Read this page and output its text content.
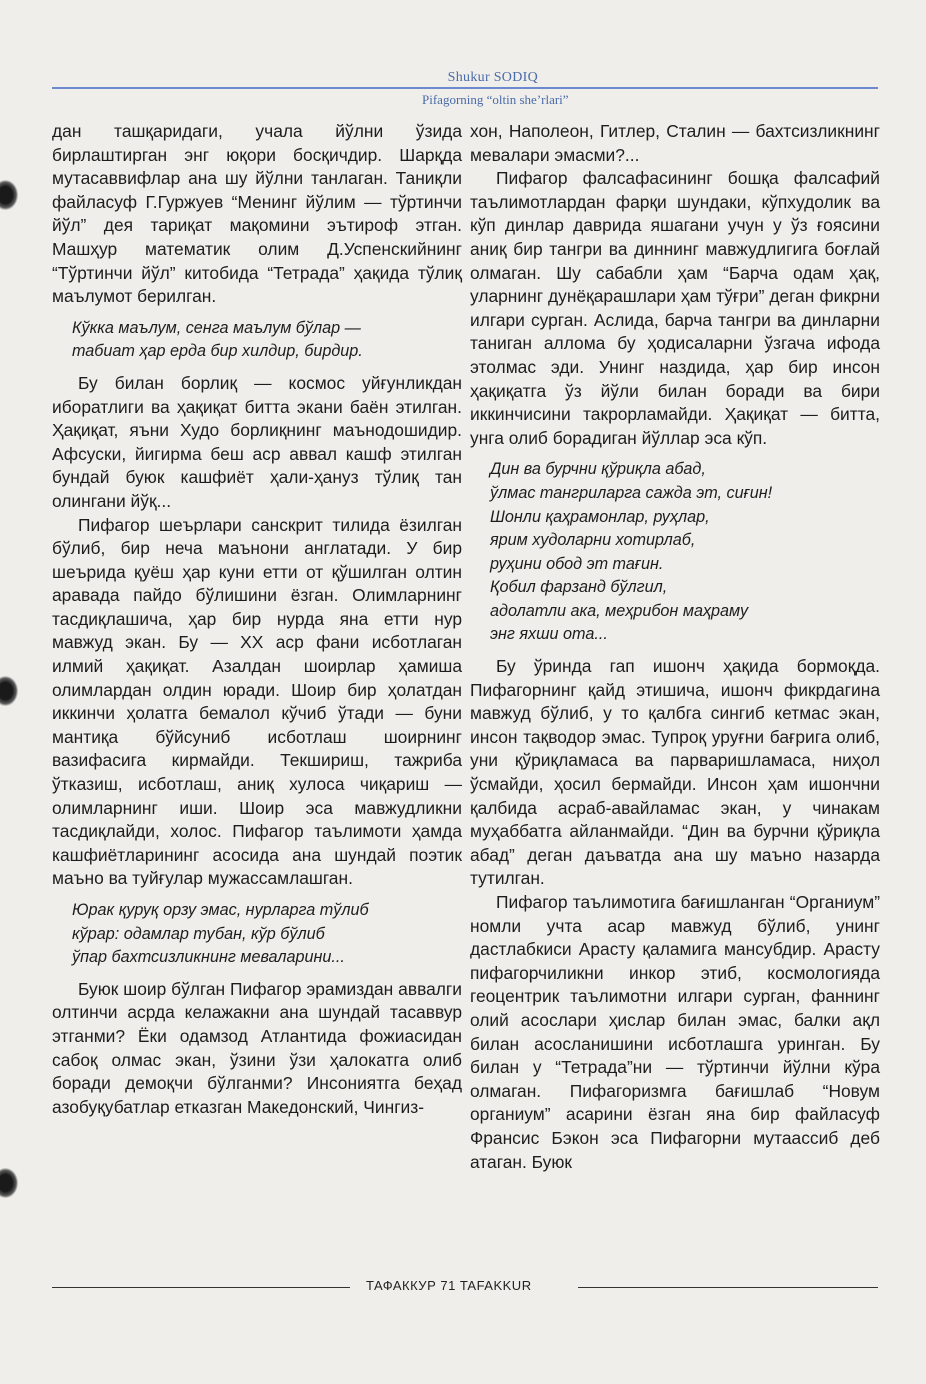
Shukur SODIQ
Pifagorning “oltin she’rlari”

дан ташқаридаги, учала йўлни ўзида бирлаштирган энг юқори босқичдир. Шарқда мутасаввифлар ана шу йўлни танлаган. Таниқли файласуф Г.Гуржуев “Менинг йўлим — тўртинчи йўл” дея тариқат мақомини эътироф этган. Машҳур математик олим Д.Успенскийнинг “Тўртинчи йўл” китобида “Тетрада” ҳақида тўлиқ маълумот берилган.

Кўкка маълум, сенга маълум бўлар —
табиат ҳар ерда бир хилдир, бирдир.

Бу билан борлиқ — космос уйғунликдан иборатлиги ва ҳақиқат битта экани баён этилган. Ҳақиқат, яъни Худо борлиқнинг маънодошидир. Афсуски, йигирма беш аср аввал кашф этилган бундай буюк кашфиёт ҳали-ҳануз тўлиқ тан олингани йўқ...

Пифагор шеърлари санскрит тилида ёзилган бўлиб, бир неча маънони англатади. У бир шеърида қуёш ҳар куни етти от қўшилган олтин аравада пайдо бўлишини ёзган. Олимларнинг тасдиқлашича, ҳар бир нурда яна етти нур мавжуд экан. Бу — XX аср фани исботлаган илмий ҳақиқат. Азалдан шоирлар ҳамиша олимлардан олдин юради. Шоир бир ҳолатдан иккинчи ҳолатга бемалол кўчиб ўтади — буни мантиқа бўйсуниб исботлаш шоирнинг вазифасига кирмайди. Текшириш, тажриба ўтказиш, исботлаш, аниқ хулоса чиқариш — олимларнинг иши. Шоир эса мавжудликни тасдиқлайди, холос. Пифагор таълимоти ҳамда кашфиётларининг асосида ана шундай поэтик маъно ва туйғулар мужассамлашган.

Юрак қуруқ орзу эмас, нурларга тўлиб
кўрар: одамлар тубан, кўр бўлиб
ўпар бахтсизликнинг меваларини...

Буюк шоир бўлган Пифагор эрамиздан аввалги олтинчи асрда келажакни ана шундай тасаввур этганми? Ёки одамзод Атлантида фожиасидан сабоқ олмас экан, ўзини ўзи ҳалокатга олиб боради демоқчи бўлганми? Инсониятга беҳад азобуқубатлар етказган Македонский, Чингиз-

хон, Наполеон, Гитлер, Сталин — бахтсизликнинг мевалари эмасми?...

Пифагор фалсафасининг бошқа фалсафий таълимотлардан фарқи шундаки, кўпхудолик ва кўп динлар даврида яшагани учун у ўз ғоясини аниқ бир тангри ва диннинг мавжудлигига боғлай олмаган. Шу сабабли ҳам “Барча одам ҳақ, уларнинг дунёқарашлари ҳам тўғри” деган фикрни илгари сурган. Аслида, барча тангри ва динларни таниган аллома бу ҳодисаларни ўзгача ифода этолмас эди. Унинг наздида, ҳар бир инсон ҳақиқатга ўз йўли билан боради ва бири иккинчисини такрорламайди. Ҳақиқат — битта, унга олиб борадиган йўллар эса кўп.

Дин ва бурчни қўриқла абад,
ўлмас тангриларга сажда эт, сиғин!
Шонли қаҳрамонлар, руҳлар,
ярим худоларни хотирлаб,
руҳини обод эт тағин.
Қобил фарзанд бўлгил,
адолатли ака, меҳрибон маҳраму
энг яхши ота...

Бу ўринда гап ишонч ҳақида бормоқда. Пифагорнинг қайд этишича, ишонч фикрдагина мавжуд бўлиб, у то қалбга сингиб кетмас экан, инсон тақводор эмас. Тупроқ уруғни бағрига олиб, уни қўриқламаса ва парваришламаса, ниҳол ўсмайди, ҳосил бермайди. Инсон ҳам ишончни қалбида асраб-авайламас экан, у чинакам муҳаббатга айланмайди. “Дин ва бурчни қўриқла абад” деган даъватда ана шу маъно назарда тутилган.

Пифагор таълимотига бағишланган “Органиум” номли учта асар мавжуд бўлиб, унинг дастлабкиси Арасту қаламига мансубдир. Арасту пифагорчиликни инкор этиб, космологияда геоцентрик таълимотни илгари сурган, фаннинг олий асослари ҳислар билан эмас, балки ақл билан асосланишини исботлашга уринган. Бу билан у “Тетрада”ни — тўртинчи йўлни кўра олмаган. Пифагоризмга бағишлаб “Новум органиум” асарини ёзган яна бир файласуф Франсис Бэкон эса Пифагорни мутаассиб деб атаган. Буюк

ТАФАККУР 71 TAFAKKUR
